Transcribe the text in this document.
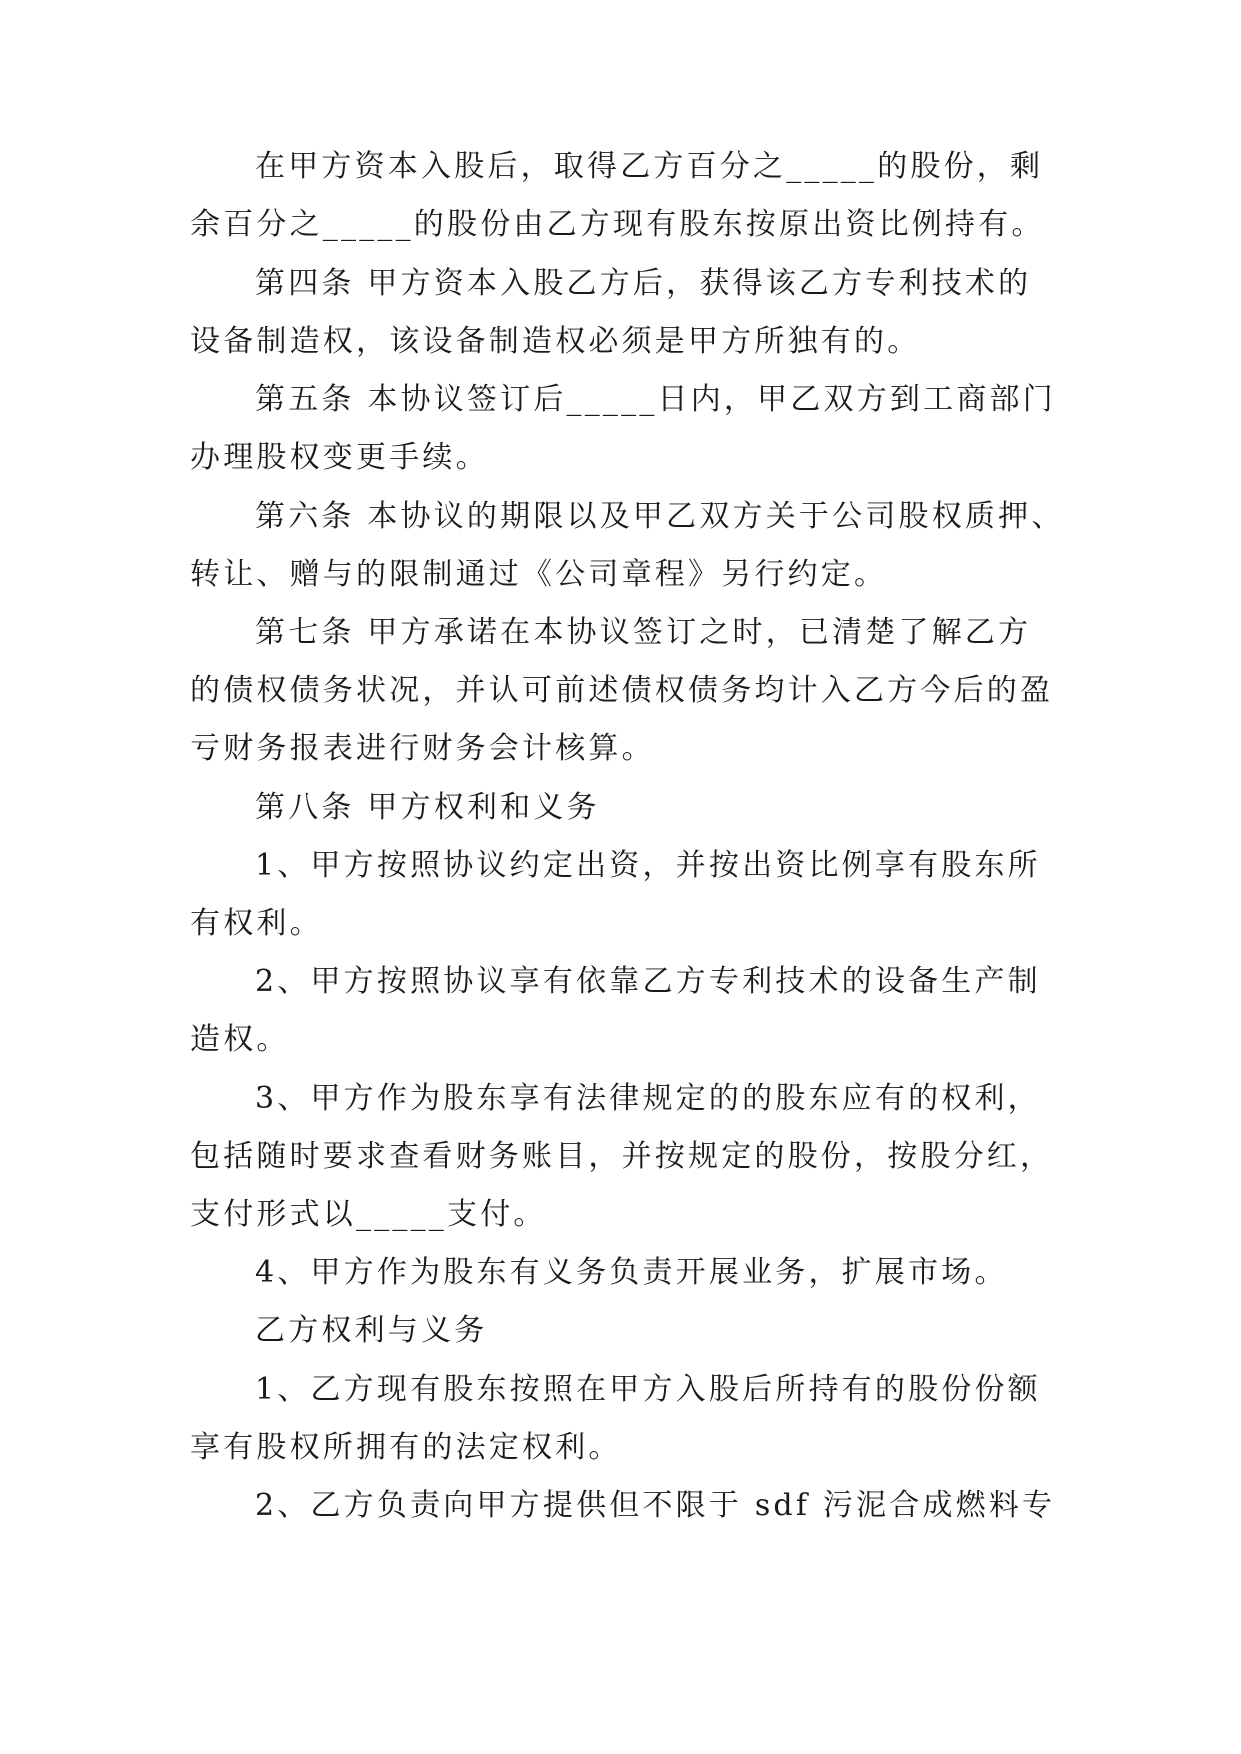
在甲方资本入股后，取得乙方百分之_____的股份，剩
余百分之_____的股份由乙方现有股东按原出资比例持有。
第四条 甲方资本入股乙方后，获得该乙方专利技术的
设备制造权，该设备制造权必须是甲方所独有的。
第五条 本协议签订后_____日内，甲乙双方到工商部门
办理股权变更手续。
第六条 本协议的期限以及甲乙双方关于公司股权质押、
转让、赠与的限制通过《公司章程》另行约定。
第七条 甲方承诺在本协议签订之时，已清楚了解乙方
的债权债务状况，并认可前述债权债务均计入乙方今后的盈
亏财务报表进行财务会计核算。
第八条 甲方权利和义务
1、甲方按照协议约定出资，并按出资比例享有股东所
有权利。
2、甲方按照协议享有依靠乙方专利技术的设备生产制
造权。
3、甲方作为股东享有法律规定的的股东应有的权利，
包括随时要求查看财务账目，并按规定的股份，按股分红，
支付形式以_____支付。
4、甲方作为股东有义务负责开展业务，扩展市场。
乙方权利与义务
1、乙方现有股东按照在甲方入股后所持有的股份份额
享有股权所拥有的法定权利。
2、乙方负责向甲方提供但不限于 sdf 污泥合成燃料专
